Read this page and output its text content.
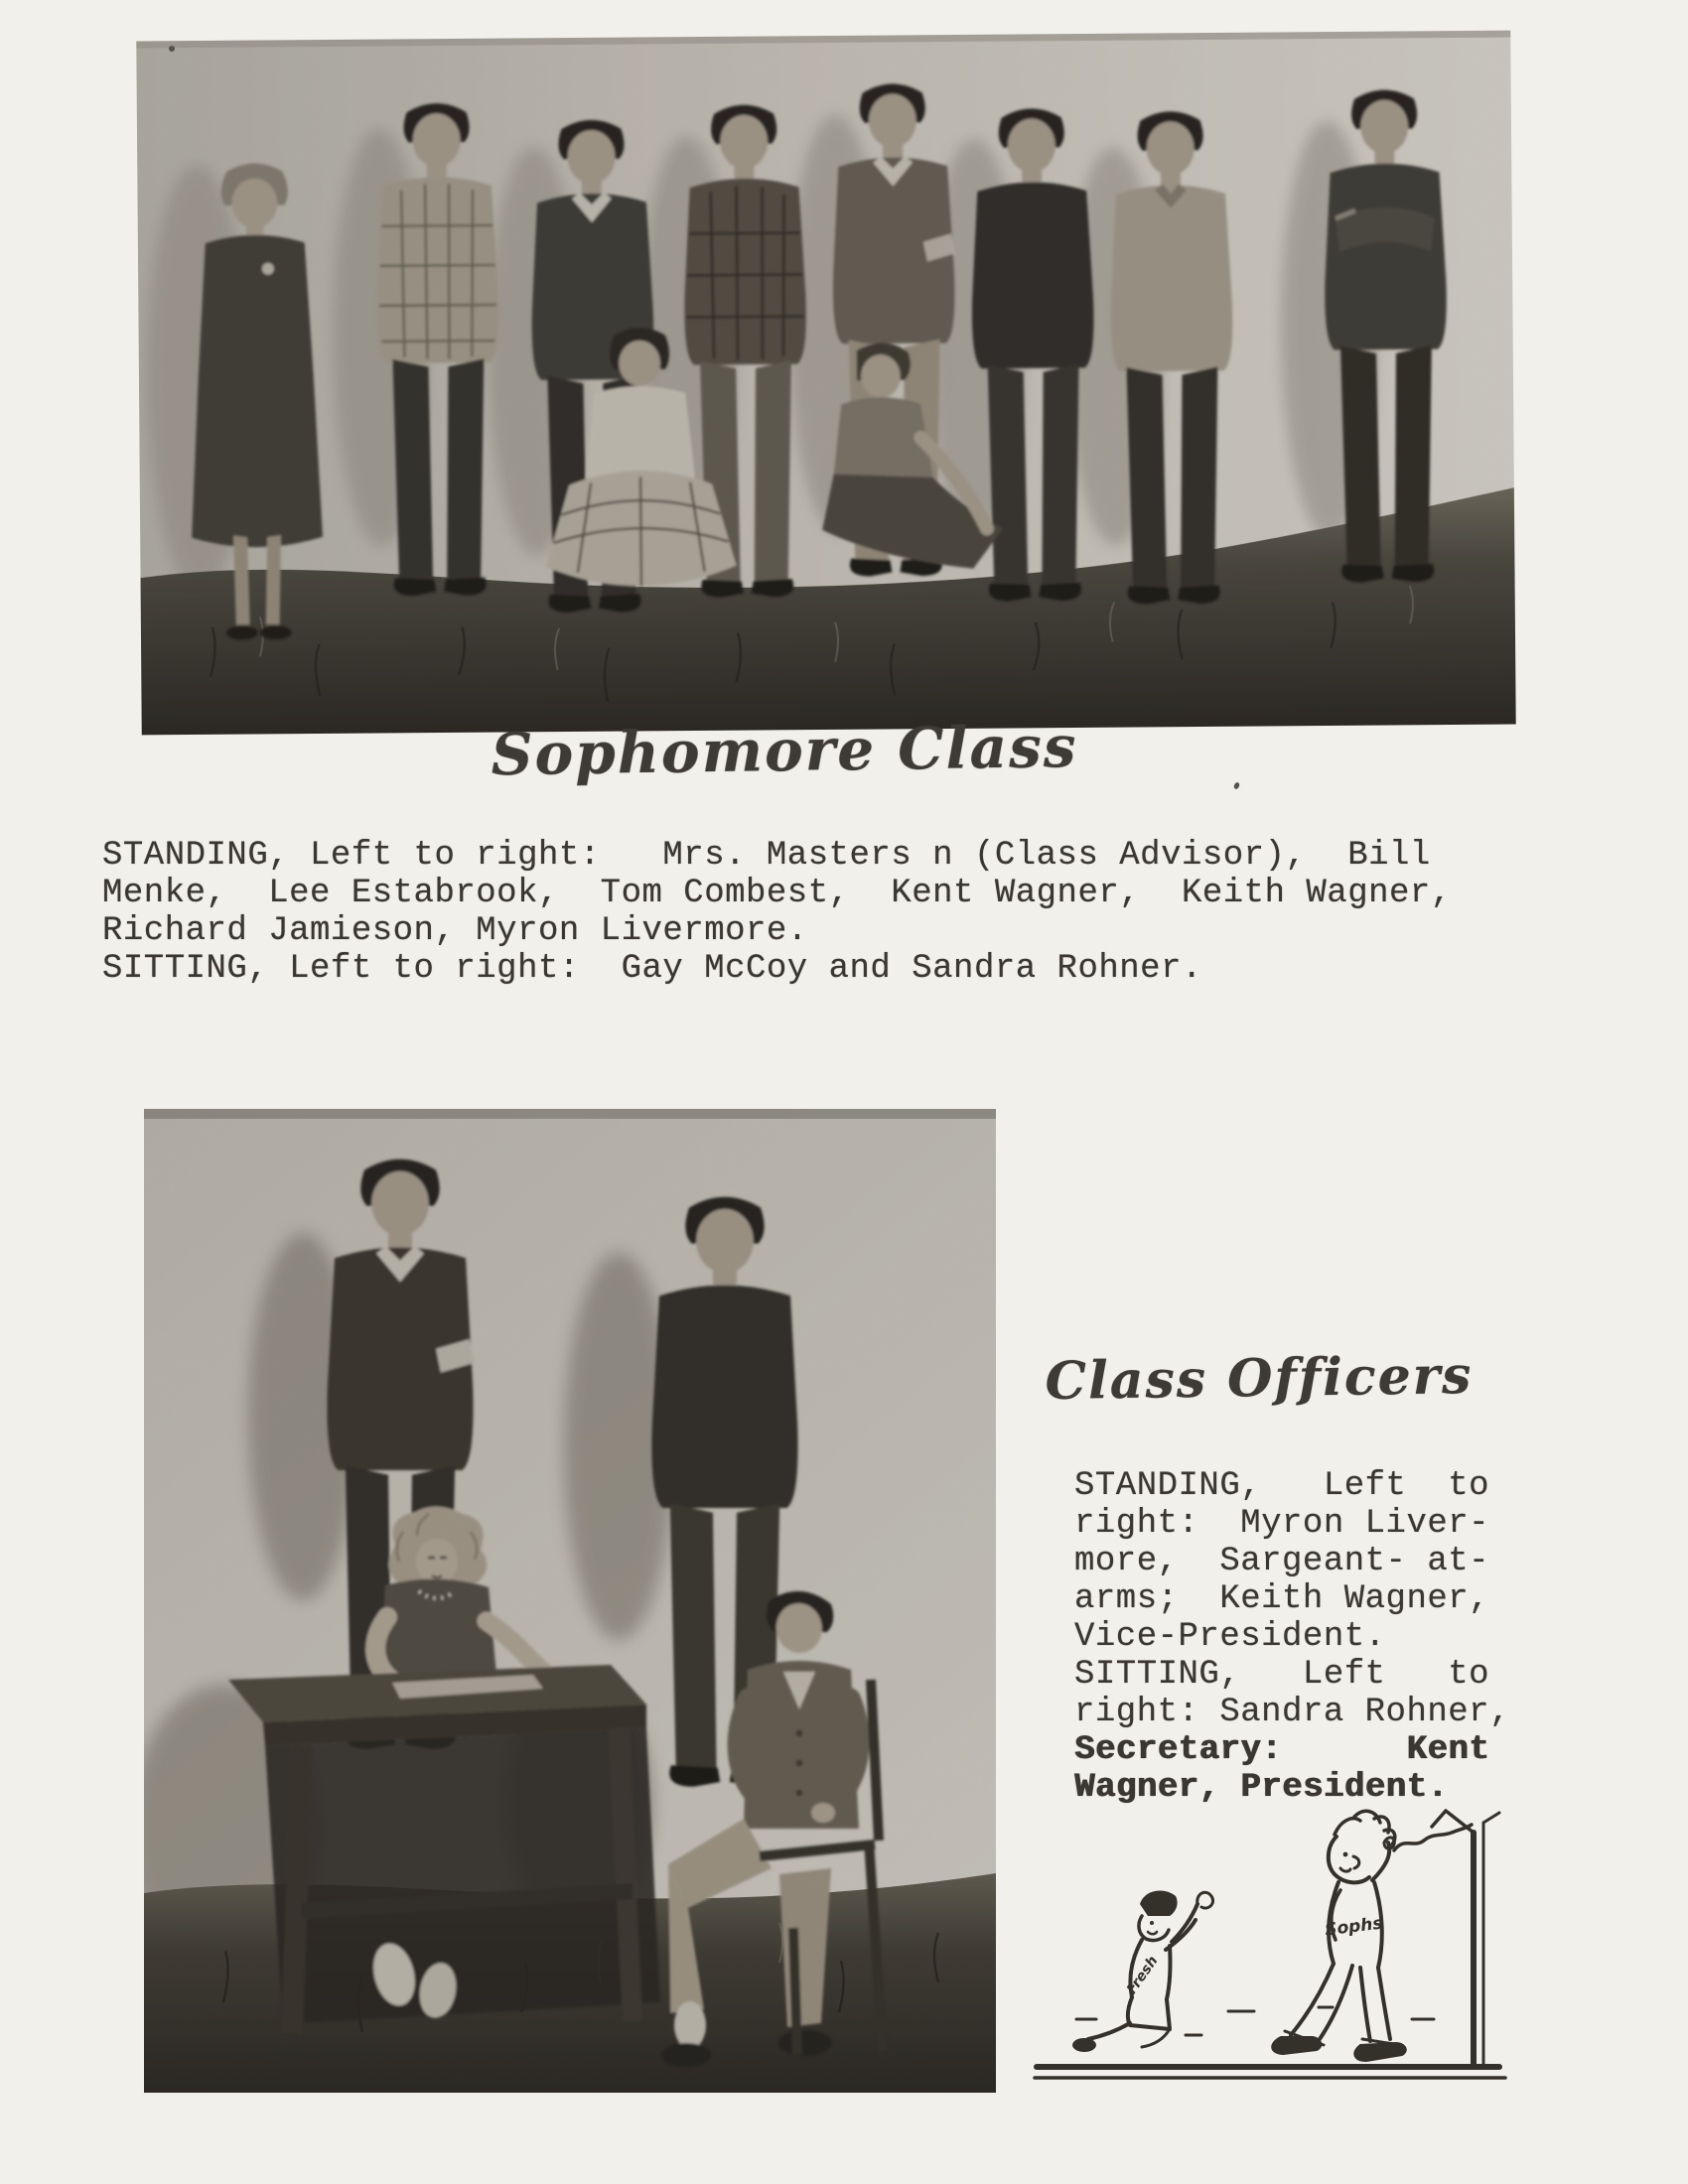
Sophomore Class
STANDING, Left to right:   Mrs. Masters n (Class Advisor),  Bill
Menke,  Lee Estabrook,  Tom Combest,  Kent Wagner,  Keith Wagner,
Richard Jamieson, Myron Livermore.
SITTING, Left to right:  Gay McCoy and Sandra Rohner.
Class Officers
STANDING,   Left  to
right:  Myron Liver-
more,  Sargeant- at-
arms;  Keith Wagner,
Vice-President.
SITTING,   Left   to
right: Sandra Rohner,
Secretary:      Kent
Wagner, President.
Sophs
Fresh
